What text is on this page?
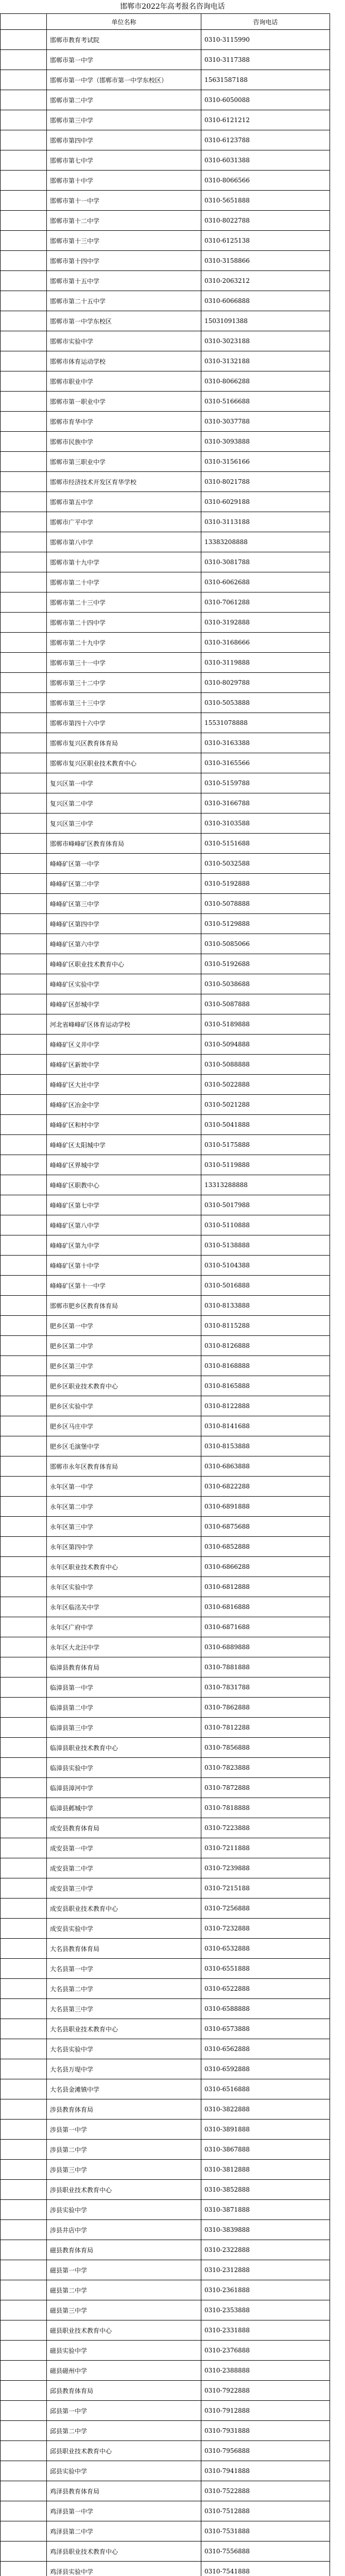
邯郸市2022年高考报名咨询电话
	单位名称	咨询电话
	邯郸市教育考试院	0310-3115990
	邯郸市第一中学	0310-3117388
	邯郸市第一中学（邯郸市第一中学东校区）	15631587188
	邯郸市第二中学	0310-6050088
	邯郸市第三中学	0310-6121212
	邯郸市第四中学	0310-6123788
	邯郸市第七中学	0310-6031388
	邯郸市第十中学	0310-8066566
	邯郸市第十一中学	0310-5651888
	邯郸市第十二中学	0310-8022788
	邯郸市第十三中学	0310-6125138
	邯郸市第十四中学	0310-3158866
	邯郸市第十五中学	0310-2063212
	邯郸市第二十五中学	0310-6066888
	邯郸市第一中学东校区	15031091388
	邯郸市实验中学	0310-3023188
	邯郸市体育运动学校	0310-3132188
	邯郸市职业中学	0310-8066288
	邯郸市第一职业中学	0310-5166688
	邯郸市育华中学	0310-3037788
	邯郸市民族中学	0310-3093888
	邯郸市第三职业中学	0310-3156166
	邯郸市经济技术开发区育华学校	0310-8021788
	邯郸市第五中学	0310-6029188
	邯郸市广平中学	0310-3113188
	邯郸市第八中学	13383208888
	邯郸市第十九中学	0310-3081788
	邯郸市第二十中学	0310-6062688
	邯郸市第二十三中学	0310-7061288
	邯郸市第二十四中学	0310-3192888
	邯郸市第二十九中学	0310-3168666
	邯郸市第三十一中学	0310-3119888
	邯郸市第三十二中学	0310-8029788
	邯郸市第三十三中学	0310-5053888
	邯郸市第四十六中学	15531078888
	邯郸市复兴区教育体育局	0310-3163388
	邯郸市复兴区职业技术教育中心	0310-3165566
	复兴区第一中学	0310-5159788
	复兴区第二中学	0310-3166788
	复兴区第三中学	0310-3103588
	邯郸市峰峰矿区教育体育局	0310-5151688
	峰峰矿区第一中学	0310-5032588
	峰峰矿区第二中学	0310-5192888
	峰峰矿区第三中学	0310-5078888
	峰峰矿区第四中学	0310-5129888
	峰峰矿区第六中学	0310-5085066
	峰峰矿区职业技术教育中心	0310-5192688
	峰峰矿区实验中学	0310-5038688
	峰峰矿区彭城中学	0310-5087888
	河北省峰峰矿区体育运动学校	0310-5189888
	峰峰矿区义井中学	0310-5094888
	峰峰矿区新坡中学	0310-5088888
	峰峰矿区大社中学	0310-5022888
	峰峰矿区冶金中学	0310-5021288
	峰峰矿区和村中学	0310-5041888
	峰峰矿区太阳城中学	0310-5175888
	峰峰矿区界城中学	0310-5119888
	峰峰矿区职教中心	13313288888
	峰峰矿区第七中学	0310-5017988
	峰峰矿区第八中学	0310-5110888
	峰峰矿区第九中学	0310-5138888
	峰峰矿区第十中学	0310-5104388
	峰峰矿区第十一中学	0310-5016888
	邯郸市肥乡区教育体育局	0310-8133888
	肥乡区第一中学	0310-8115288
	肥乡区第二中学	0310-8126888
	肥乡区第三中学	0310-8168888
	肥乡区职业技术教育中心	0310-8165888
	肥乡区实验中学	0310-8122888
	肥乡区马庄中学	0310-8141688
	肥乡区毛演堡中学	0310-8153888
	邯郸市永年区教育体育局	0310-6863888
	永年区第一中学	0310-6822288
	永年区第二中学	0310-6891888
	永年区第三中学	0310-6875688
	永年区第四中学	0310-6852888
	永年区职业技术教育中心	0310-6866288
	永年区实验中学	0310-6812888
	永年区临洺关中学	0310-6816888
	永年区广府中学	0310-6871688
	永年区大北汪中学	0310-6889888
	临漳县教育体育局	0310-7881888
	临漳县第一中学	0310-7831788
	临漳县第二中学	0310-7862888
	临漳县第三中学	0310-7812288
	临漳县职业技术教育中心	0310-7856888
	临漳县实验中学	0310-7823888
	临漳县漳河中学	0310-7872888
	临漳县邺城中学	0310-7818888
	成安县教育体育局	0310-7223888
	成安县第一中学	0310-7211888
	成安县第二中学	0310-7239888
	成安县第三中学	0310-7215188
	成安县职业技术教育中心	0310-7256888
	成安县实验中学	0310-7232888
	大名县教育体育局	0310-6532888
	大名县第一中学	0310-6551888
	大名县第二中学	0310-6522888
	大名县第三中学	0310-6588888
	大名县职业技术教育中心	0310-6573888
	大名县实验中学	0310-6562888
	大名县万堤中学	0310-6592888
	大名县金滩镇中学	0310-6516888
	涉县教育体育局	0310-3822888
	涉县第一中学	0310-3891888
	涉县第二中学	0310-3867888
	涉县第三中学	0310-3812888
	涉县职业技术教育中心	0310-3852888
	涉县实验中学	0310-3871888
	涉县井店中学	0310-3839888
	磁县教育体育局	0310-2322888
	磁县第一中学	0310-2312888
	磁县第二中学	0310-2361888
	磁县第三中学	0310-2353888
	磁县职业技术教育中心	0310-2331888
	磁县实验中学	0310-2376888
	磁县磁州中学	0310-2388888
	邱县教育体育局	0310-7922888
	邱县第一中学	0310-7912888
	邱县第二中学	0310-7931888
	邱县职业技术教育中心	0310-7956888
	邱县实验中学	0310-7941888
	鸡泽县教育体育局	0310-7522888
	鸡泽县第一中学	0310-7512888
	鸡泽县第二中学	0310-7531888
	鸡泽县职业技术教育中心	0310-7556888
	鸡泽县实验中学	0310-7541888
